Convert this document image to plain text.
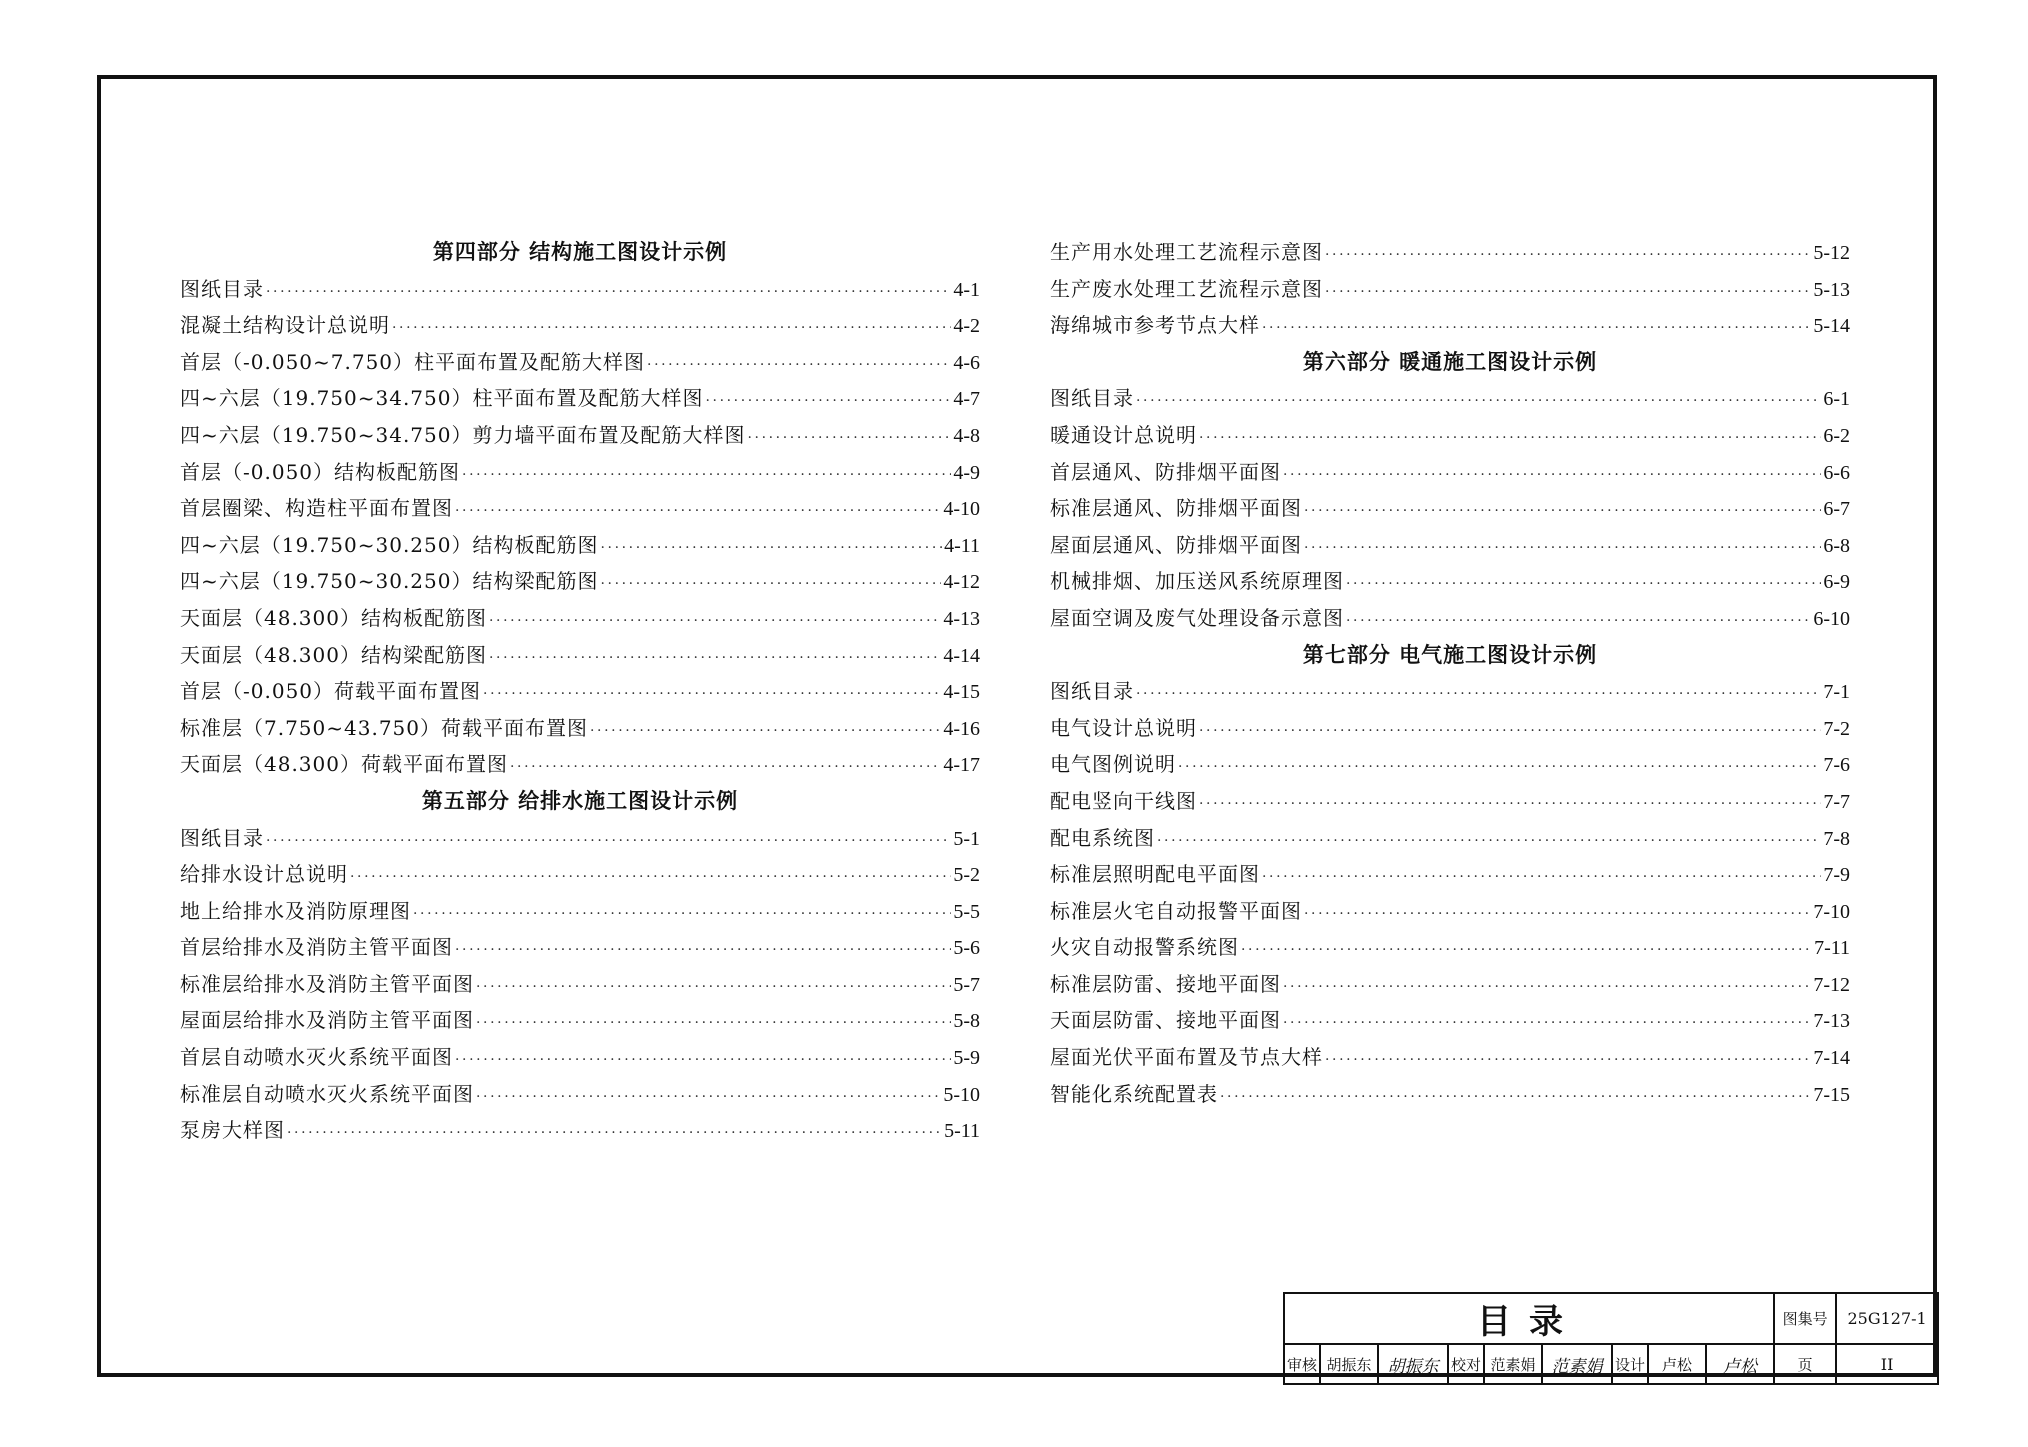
第四部分 结构施工图设计示例
图纸目录 ·····	4-1
混凝土结构设计总说明 ·····	4-2
首层（-0.050~7.750）柱平面布置及配筋大样图 ·····	4-6
四~六层（19.750~34.750）柱平面布置及配筋大样图 ·····	4-7
四~六层（19.750~34.750）剪力墙平面布置及配筋大样图 ·····	4-8
首层（-0.050）结构板配筋图 ·····	4-9
首层圈梁、构造柱平面布置图 ·····	4-10
四~六层（19.750~30.250）结构板配筋图 ·····	4-11
四~六层（19.750~30.250）结构梁配筋图 ·····	4-12
天面层（48.300）结构板配筋图 ·····	4-13
天面层（48.300）结构梁配筋图 ·····	4-14
首层（-0.050）荷载平面布置图 ·····	4-15
标准层（7.750~43.750）荷载平面布置图 ·····	4-16
天面层（48.300）荷载平面布置图 ·····	4-17
第五部分 给排水施工图设计示例
图纸目录 ·····	5-1
给排水设计总说明 ·····	5-2
地上给排水及消防原理图 ·····	5-5
首层给排水及消防主管平面图 ·····	5-6
标准层给排水及消防主管平面图 ·····	5-7
屋面层给排水及消防主管平面图 ·····	5-8
首层自动喷水灭火系统平面图 ·····	5-9
标准层自动喷水灭火系统平面图 ·····	5-10
泵房大样图 ·····	5-11
生产用水处理工艺流程示意图 ·····	5-12
生产废水处理工艺流程示意图 ·····	5-13
海绵城市参考节点大样 ·····	5-14
第六部分 暖通施工图设计示例
图纸目录 ·····	6-1
暖通设计总说明 ·····	6-2
首层通风、防排烟平面图 ·····	6-6
标准层通风、防排烟平面图 ·····	6-7
屋面层通风、防排烟平面图 ·····	6-8
机械排烟、加压送风系统原理图 ·····	6-9
屋面空调及废气处理设备示意图 ·····	6-10
第七部分 电气施工图设计示例
图纸目录 ·····	7-1
电气设计总说明 ·····	7-2
电气图例说明 ·····	7-6
配电竖向干线图 ·····	7-7
配电系统图 ·····	7-8
标准层照明配电平面图 ·····	7-9
标准层火宅自动报警平面图 ·····	7-10
火灾自动报警系统图 ·····	7-11
标准层防雷、接地平面图 ·····	7-12
天面层防雷、接地平面图 ·····	7-13
屋面光伏平面布置及节点大样 ·····	7-14
智能化系统配置表 ·····	7-15
目录									图集号	25G127-1
审核	胡振东	胡振东	校对	范素娟	范素娟	设计	卢松	卢松	页	II
